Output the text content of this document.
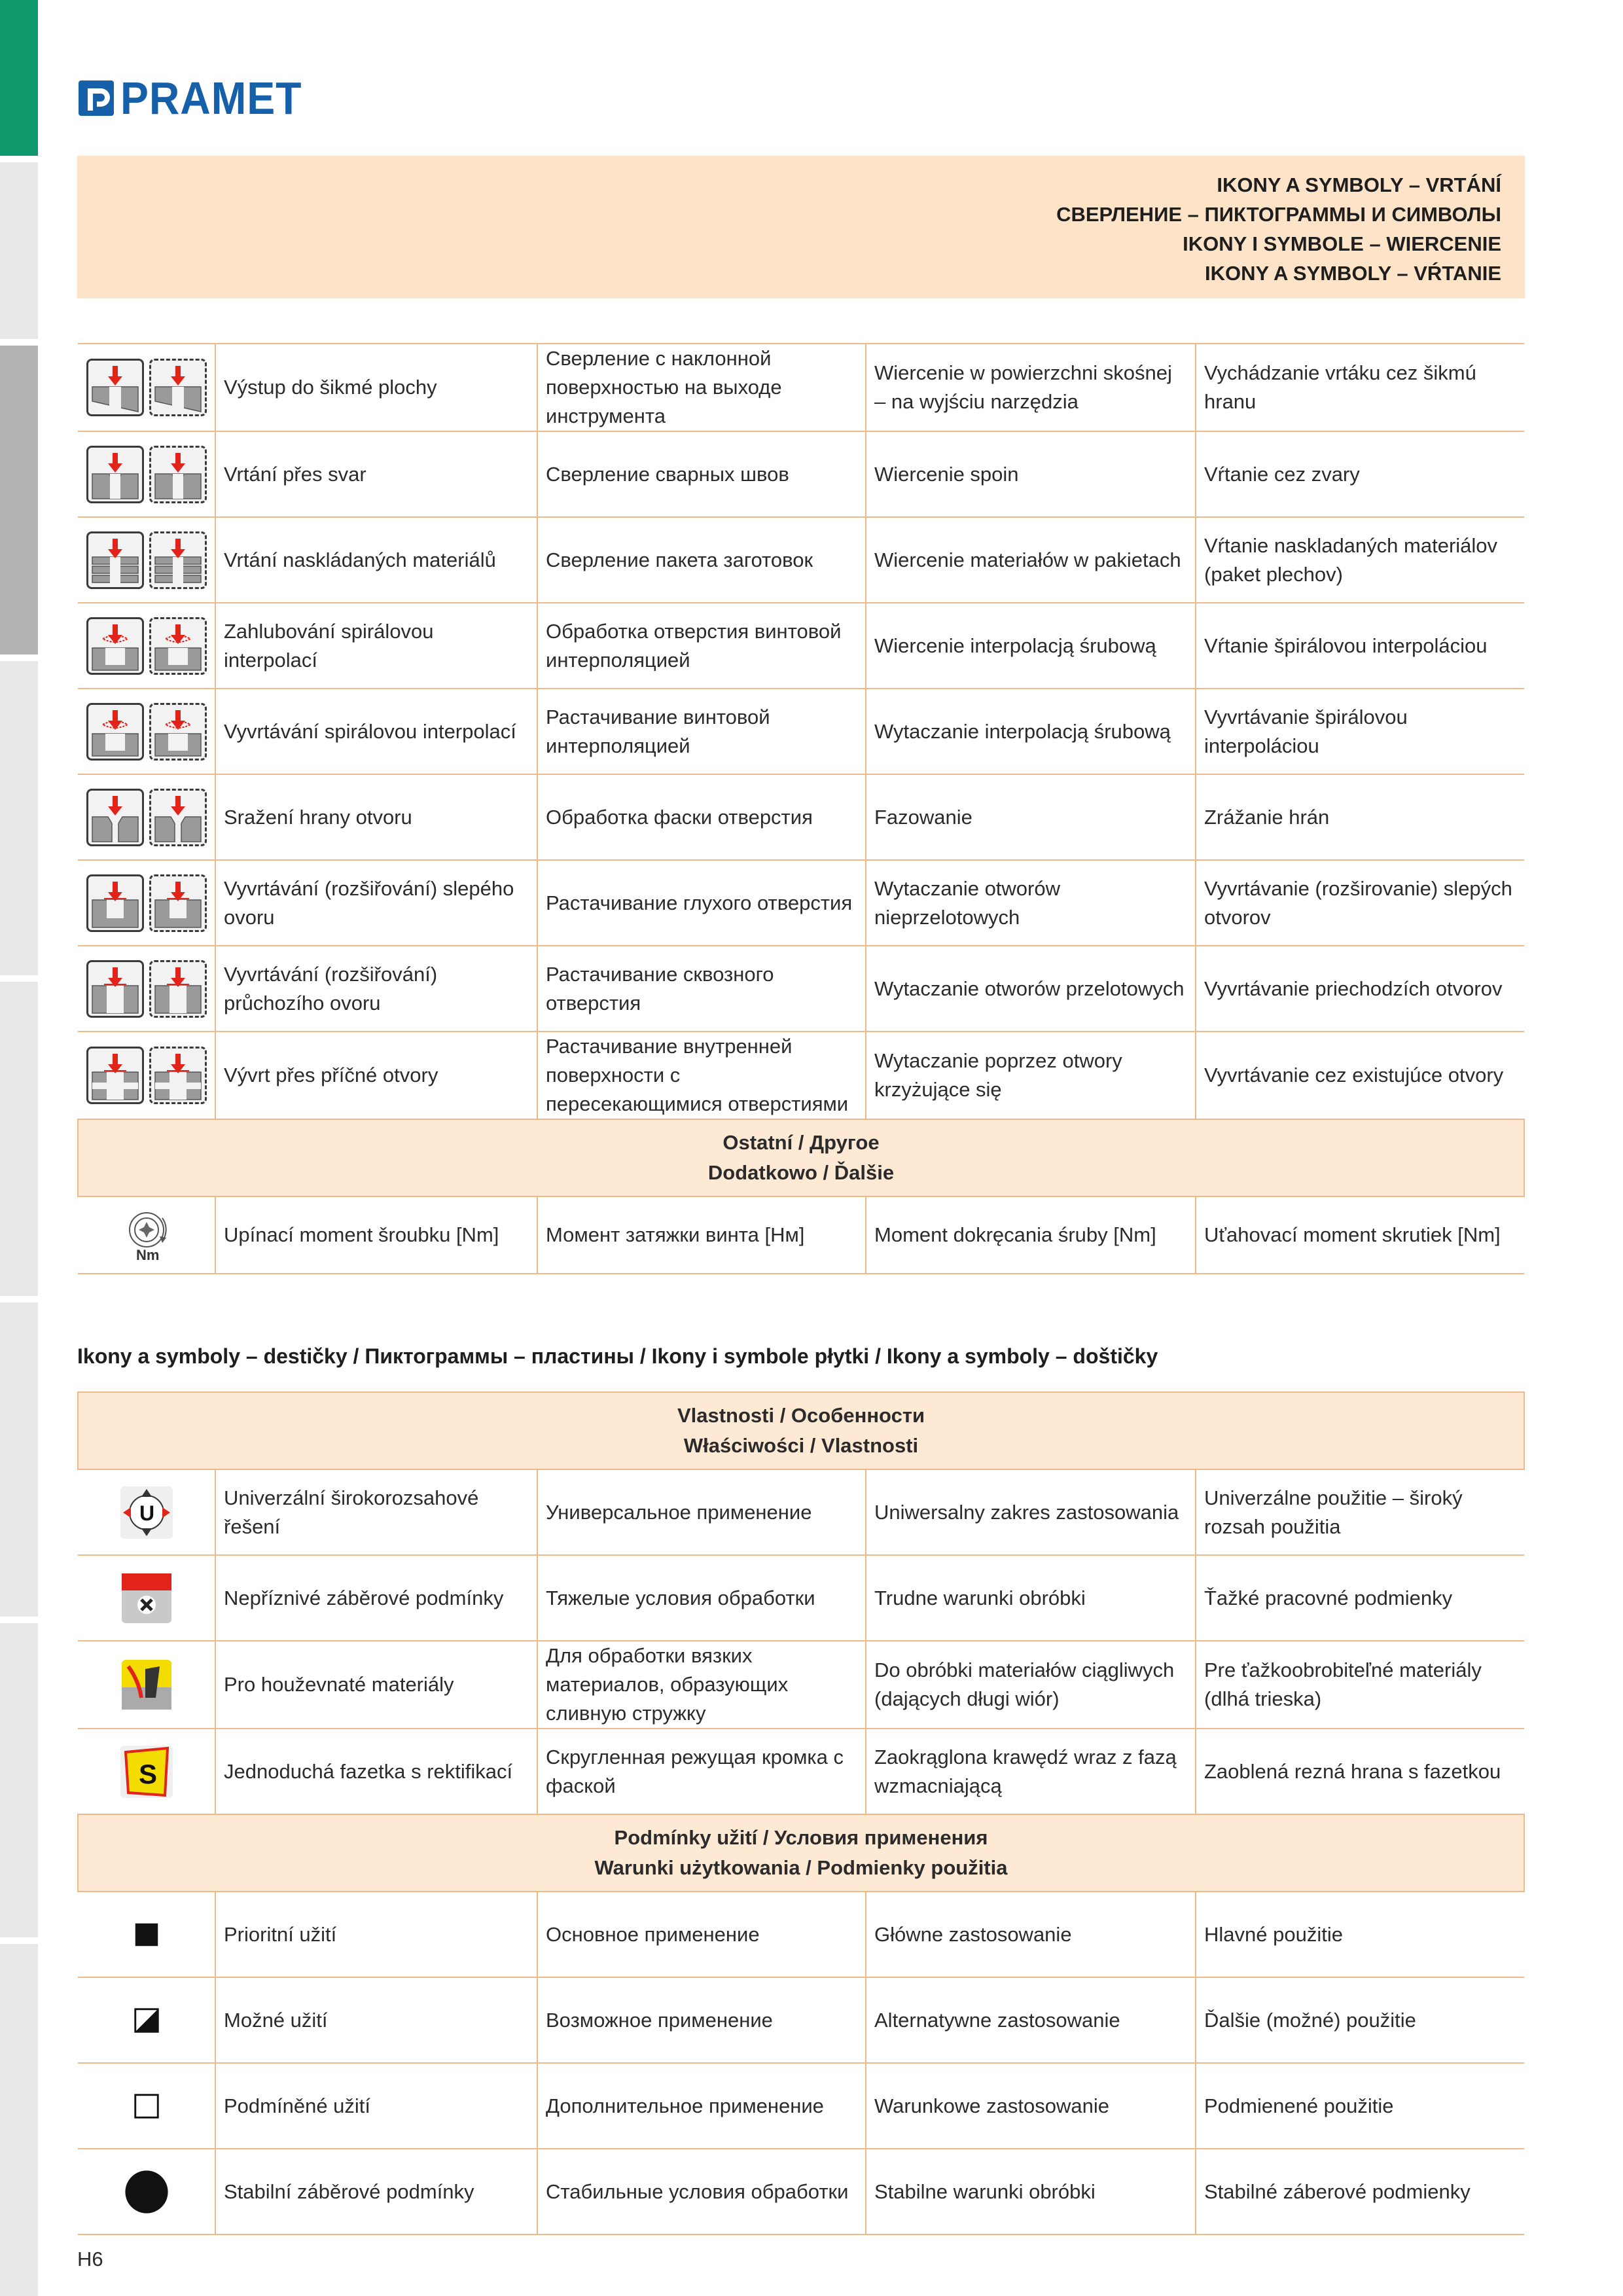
PRAMET
IKONY A SYMBOLY – VRTÁNÍ
СВЕРЛЕНИЕ – ПИКТОГРАММЫ И СИМВОЛЫ
IKONY I SYMBOLE – WIERCENIE
IKONY A SYMBOLY – VŔTANIE
	Výstup do šikmé plochy	Сверление с наклонной поверхностью на выходе инструмента	Wiercenie w powierzchni skośnej – na wyjściu narzędzia	Vychádzanie vrtáku cez šikmú hranu

	Vrtání přes svar	Сверление сварных швов	Wiercenie spoin	Vŕtanie cez zvary

	Vrtání naskládaných materiálů	Сверление пакета заготовок	Wiercenie materiałów w pakietach	Vŕtanie naskladaných materiálov (paket plechov)

	Zahlubování spirálovou interpolací	Обработка отверстия винтовой интерполяцией	Wiercenie interpolacją śrubową	Vŕtanie špirálovou interpoláciou

	Vyvrtávání spirálovou interpolací	Растачивание винтовой интерполяцией	Wytaczanie interpolacją śrubową	Vyvrtávanie špirálovou interpoláciou

	Sražení hrany otvoru	Обработка фаски отверстия	Fazowanie	Zrážanie hrán

	Vyvrtávání (rozšiřování) slepého ovoru	Растачивание глухого отверстия	Wytaczanie otworów nieprzelotowych	Vyvrtávanie (rozširovanie) slepých otvorov

	Vyvrtávání (rozšiřování) průchozího ovoru	Растачивание сквозного отверстия	Wytaczanie otworów przelotowych	Vyvrtávanie priechodzích otvorov

	Vývrt přes příčné otvory	Растачивание внутренней поверхности с пересекающимися отверстиями	Wytaczanie poprzez otwory krzyżujące się	Vyvrtávanie cez existujúce otvory

Ostatní / Другое
Dodatkowo / Ďalšie				

Nm	Upínací moment šroubku [Nm]	Момент затяжки винта [Нм]	Moment dokręcania śruby [Nm]	Uťahovací moment skrutiek [Nm]
Ikony a symboly – destičky / Пиктограммы – пластины / Ikony i symbole płytki / Ikony a symboly – doštičky
Vlastnosti / Особенности
Właściwości / Vlastnosti				

U	Univerzální širokorozsahové řešení	Универсальное применение	Uniwersalny zakres zastosowania	Univerzálne použitie – široký rozsah použitia
	Nepříznivé záběrové podmínky	Тяжелые условия обработки	Trudne warunki obróbki	Ťažké pracovné podmienky
	Pro houževnaté materiály	Для обработки вязких материалов, образующих сливную стружку	Do obróbki materiałów ciągliwych (dających długi wiór)	Pre ťažkoobrobiteľné materiály (dlhá trieska)

S	Jednoduchá fazetka s rektifikací	Скругленная режущая кромка с фаской	Zaokrąglona krawędź wraz z fazą wzmacniającą	Zaoblená rezná hrana s fazetkou

Podmínky užití / Условия применения
Warunki użytkowania / Podmienky použitia				

	Prioritní užití	Основное применение	Główne zastosowanie	Hlavné použitie
	Možné užití	Возможное применение	Alternatywne zastosowanie	Ďalšie (možné) použitie
	Podmíněné užití	Дополнительное применение	Warunkowe zastosowanie	Podmienené použitie
	Stabilní záběrové podmínky	Стабильные условия обработки	Stabilne warunki obróbki	Stabilné záberové podmienky
H6
